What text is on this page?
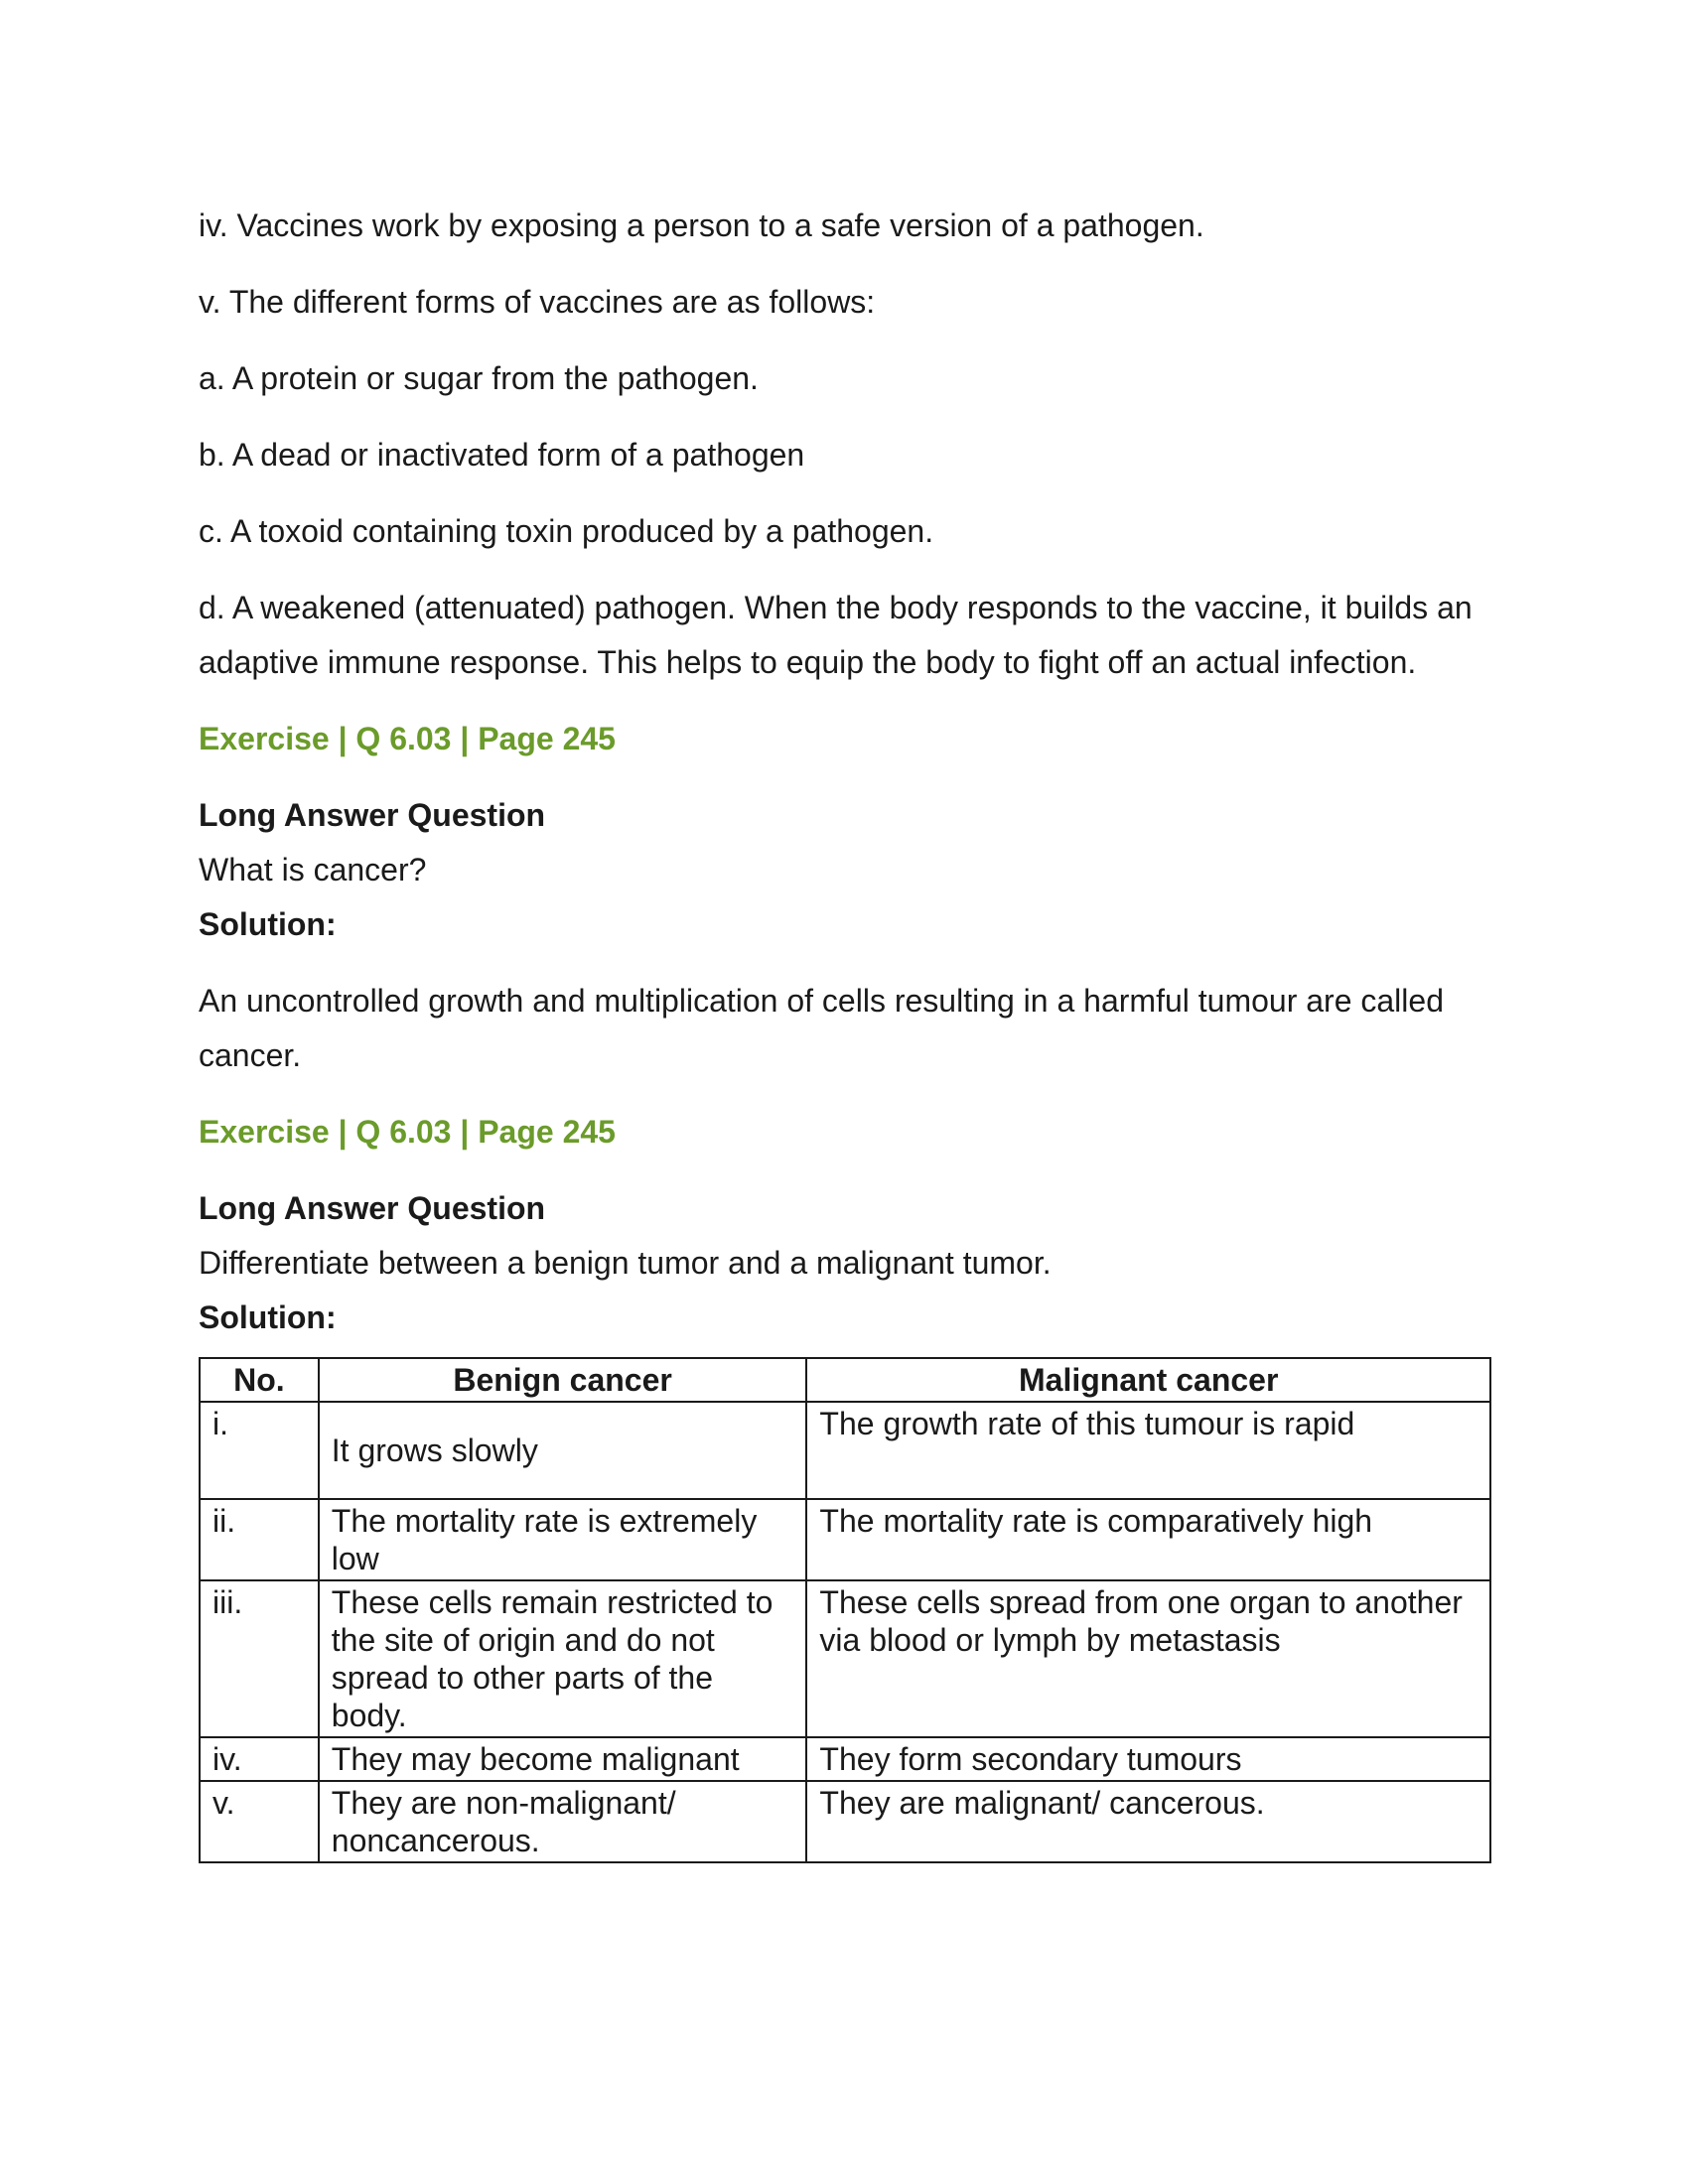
iv. Vaccines work by exposing a person to a safe version of a pathogen.

v. The different forms of vaccines are as follows:

a. A protein or sugar from the pathogen.

b. A dead or inactivated form of a pathogen

c. A toxoid containing toxin produced by a pathogen.

d. A weakened (attenuated) pathogen. When the body responds to the vaccine, it builds an adaptive immune response. This helps to equip the body to fight off an actual infection.

Exercise | Q 6.03 | Page 245

Long Answer Question

What is cancer?

Solution:

An uncontrolled growth and multiplication of cells resulting in a harmful tumour are called cancer.

Exercise | Q 6.03 | Page 245

Long Answer Question

Differentiate between a benign tumor and a malignant tumor.

Solution:

No.	Benign cancer	Malignant cancer
i.	It grows slowly	The growth rate of this tumour is rapid
ii.	The mortality rate is extremely low	The mortality rate is comparatively high
iii.	These cells remain restricted to the site of origin and do not spread to other parts of the body.	These cells spread from one organ to another via blood or lymph by metastasis
iv.	They may become malignant	They form secondary tumours
v.	They are non-malignant/ noncancerous.	They are malignant/ cancerous.
